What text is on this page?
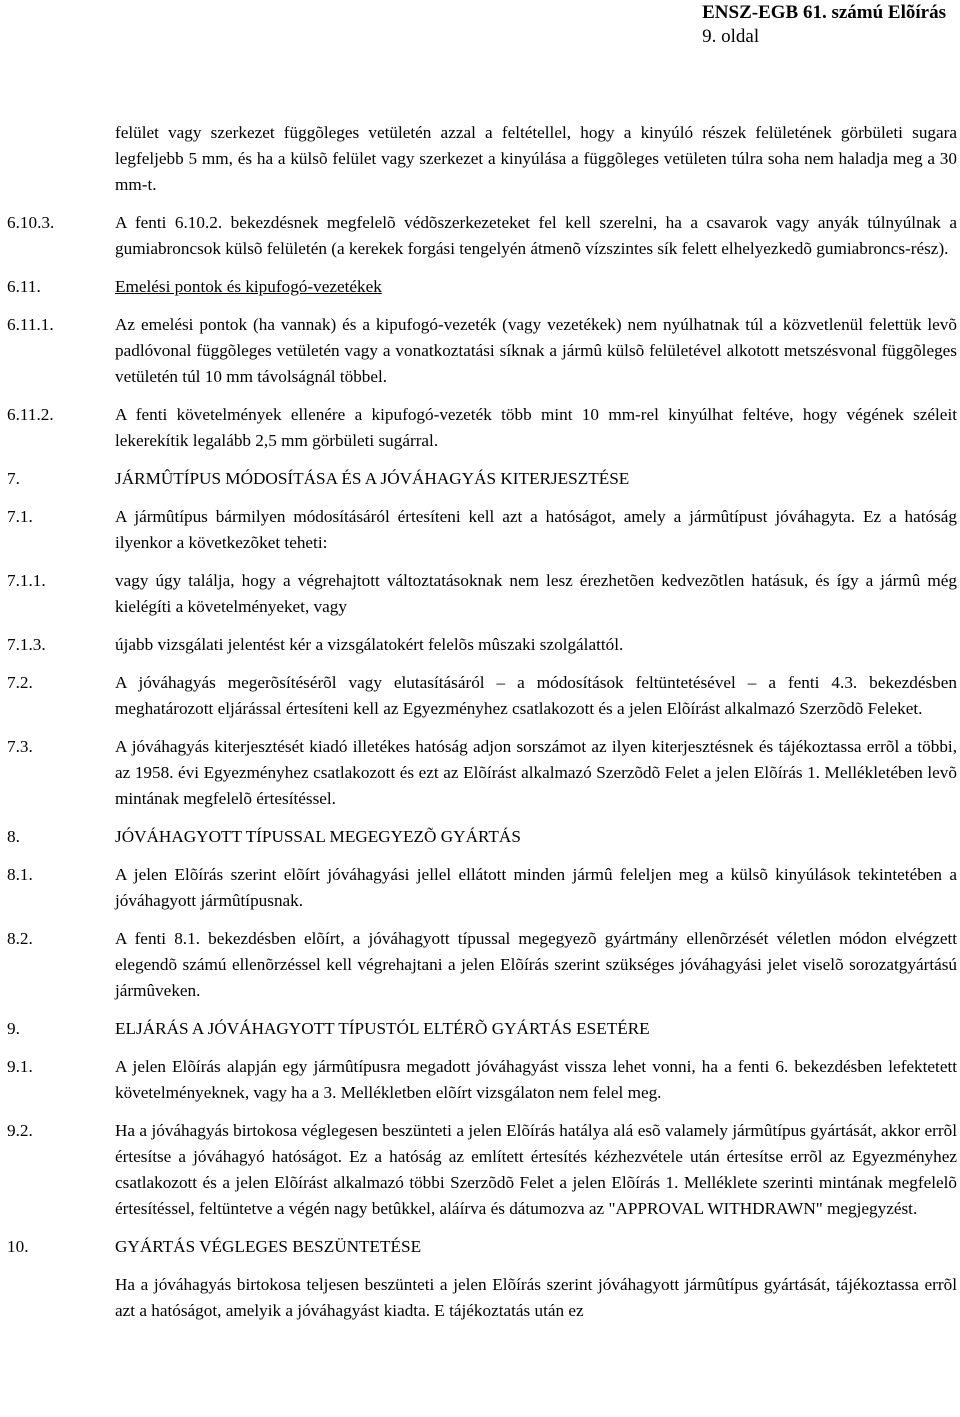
ENSZ-EGB 61. számú Elõírás
9. oldal
felület vagy szerkezet függõleges vetületén azzal a feltétellel, hogy a kinyúló részek felületének görbületi sugara legfeljebb 5 mm, és ha a külsõ felület vagy szerkezet a kinyúlása a függõleges vetületen túlra soha nem haladja meg a 30 mm-t.
6.10.3.	A fenti 6.10.2. bekezdésnek megfelelõ védõszerkezeteket fel kell szerelni, ha a csavarok vagy anyák túlnyúlnak a gumiabroncsok külsõ felületén (a kerekek forgási tengelyén átmenõ vízszintes sík felett elhelyezkedõ gumiabroncs-rész).
6.11.	Emelési pontok és kipufogó-vezetékek
6.11.1.	Az emelési pontok (ha vannak) és a kipufogó-vezeték (vagy vezetékek) nem nyúlhatnak túl a közvetlenül felettük levõ padlóvonal függõleges vetületén vagy a vonatkoztatási síknak a jármû külsõ felületével alkotott metszésvonal függõleges vetületén túl 10 mm távolságnál többel.
6.11.2.	A fenti követelmények ellenére a kipufogó-vezeték több mint 10 mm-rel kinyúlhat feltéve, hogy végének széleit lekerekítik legalább 2,5 mm görbületi sugárral.
7.	JÁRMÛTÍPUS MÓDOSÍTÁSA ÉS A JÓVÁHAGYÁS KITERJESZTÉSE
7.1.	A jármûtípus bármilyen módosításáról értesíteni kell azt a hatóságot, amely a jármûtípust jóváhagyta. Ez a hatóság ilyenkor a következõket teheti:
7.1.1.	vagy úgy találja, hogy a végrehajtott változtatásoknak nem lesz érezhetõen kedvezõtlen hatásuk, és így a jármû még kielégíti a követelményeket, vagy
7.1.3.	újabb vizsgálati jelentést kér a vizsgálatokért felelõs mûszaki szolgálattól.
7.2.	A jóváhagyás megerõsítésérõl vagy elutasításáról – a módosítások feltüntetésével – a fenti 4.3. bekezdésben meghatározott eljárással értesíteni kell az Egyezményhez csatlakozott és a jelen Elõírást alkalmazó Szerzõdõ Feleket.
7.3.	A jóváhagyás kiterjesztését kiadó illetékes hatóság adjon sorszámot az ilyen kiterjesztésnek és tájékoztassa errõl a többi, az 1958. évi Egyezményhez csatlakozott és ezt az Elõírást alkalmazó Szerzõdõ Felet a jelen Elõírás 1. Mellékletében levõ mintának megfelelõ értesítéssel.
8.	JÓVÁHAGYOTT TÍPUSSAL MEGEGYEZÕ GYÁRTÁS
8.1.	A jelen Elõírás szerint elõírt jóváhagyási jellel ellátott minden jármû feleljen meg a külsõ kinyúlások tekintetében a jóváhagyott jármûtípusnak.
8.2.	A fenti 8.1. bekezdésben elõírt, a jóváhagyott típussal megegyezõ gyártmány ellenõrzését véletlen módon elvégzett elegendõ számú ellenõrzéssel kell végrehajtani a jelen Elõírás szerint szükséges jóváhagyási jelet viselõ sorozatgyártású jármûveken.
9.	ELJÁRÁS A JÓVÁHAGYOTT TÍPUSTÓL ELTÉRÕ GYÁRTÁS ESETÉRE
9.1.	A jelen Elõírás alapján egy jármûtípusra megadott jóváhagyást vissza lehet vonni, ha a fenti 6. bekezdésben lefektetett követelményeknek, vagy ha a 3. Mellékletben elõírt vizsgálaton nem felel meg.
9.2.	Ha a jóváhagyás birtokosa véglegesen beszünteti a jelen Elõírás hatálya alá esõ valamely jármûtípus gyártását, akkor errõl értesítse a jóváhagyó hatóságot. Ez a hatóság az említett értesítés kézhezvétele után értesítse errõl az Egyezményhez csatlakozott és a jelen Elõírást alkalmazó többi Szerzõdõ Felet a jelen Elõírás 1. Melléklete szerinti mintának megfelelõ értesítéssel, feltüntetve a végén nagy betûkkel, aláírva és dátumozva az "APPROVAL WITHDRAWN" megjegyzést.
10.	GYÁRTÁS VÉGLEGES BESZÜNTETÉSE
Ha a jóváhagyás birtokosa teljesen beszünteti a jelen Elõírás szerint jóváhagyott jármûtípus gyártását, tájékoztassa errõl azt a hatóságot, amelyik a jóváhagyást kiadta. E tájékoztatás után ez
